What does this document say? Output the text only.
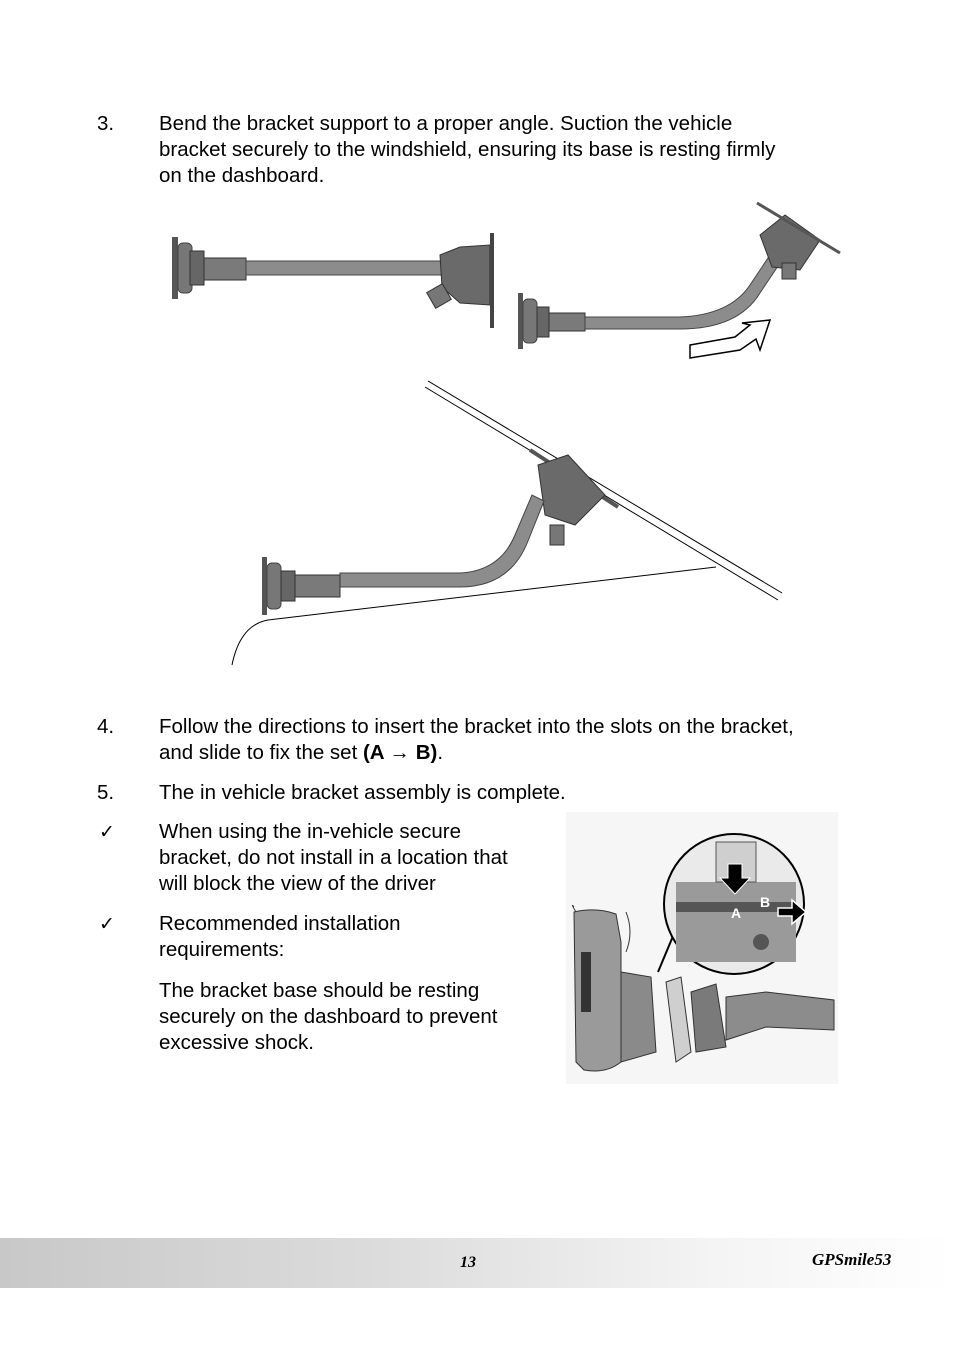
3.	Bend the bracket support to a proper angle. Suction the vehicle
bracket securely to the windshield, ensuring its base is resting firmly
on the dashboard.
4.	Follow the directions to insert the bracket into the slots on the bracket,
and slide to fix the set (A → B).
5.	The in vehicle bracket assembly is complete.
✓ When using the in-vehicle secure
bracket, do not install in a location that
will block the view of the driver
✓ Recommended installation
requirements:
The bracket base should be resting
securely on the dashboard to prevent
excessive shock.
A
B
13	GPSmile53
